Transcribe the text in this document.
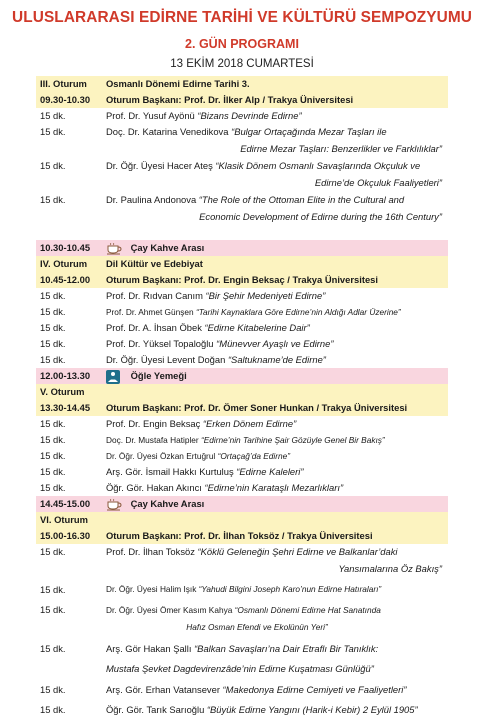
ULUSLARARASI EDİRNE TARİHİ VE KÜLTÜRÜ SEMPOZYUMU
2. GÜN PROGRAMI
13 EKİM 2018 CUMARTESİ
III. Oturum	Osmanlı Dönemi Edirne Tarihi 3.
09.30-10.30	Oturum Başkanı: Prof. Dr. İlker Alp / Trakya Üniversitesi
15 dk.	Prof. Dr. Yusuf Ayönü “Bizans Devrinde Edirne”
15 dk.	Doç. Dr. Katarina Venedikova “Bulgar Ortaçağında Mezar Taşları ile
Edirne Mezar Taşları: Benzerlikler ve Farklılıklar”
15 dk.	Dr. Öğr. Üyesi Hacer Ateş “Klasik Dönem Osmanlı Savaşlarında Okçuluk ve
Edirne’de Okçuluk Faaliyetleri”
15 dk.	Dr. Paulina Andonova “The Role of the Ottoman Elite in the Cultural and
Economic Development of Edirne during the 16th Century”
10.30-10.45	Çay Kahve Arası
IV. Oturum	Dil Kültür ve Edebiyat
10.45-12.00	Oturum Başkanı: Prof. Dr. Engin Beksaç / Trakya Üniversitesi
15 dk.	Prof. Dr. Rıdvan Canım “Bir Şehir Medeniyeti Edirne”
15 dk.	Prof. Dr. Ahmet Günşen “Tarihi Kaynaklara Göre Edirne’nin Aldığı Adlar Üzerine”
15 dk.	Prof. Dr. A. İhsan Öbek “Edirne Kitabelerine Dair”
15 dk.	Prof. Dr. Yüksel Topaloğlu “Münevver Ayaşlı ve Edirne”
15 dk.	Dr. Öğr. Üyesi Levent Doğan “Saltukname’de Edirne”
12.00-13.30	Öğle Yemeği
V. Oturum
13.30-14.45	Oturum Başkanı: Prof. Dr. Ömer Soner Hunkan / Trakya Üniversitesi
15 dk.	Prof. Dr. Engin Beksaç “Erken Dönem Edirne”
15 dk.	Doç. Dr. Mustafa Hatipler “Edirne’nin Tarihine Şair Gözüyle Genel Bir Bakış”
15 dk.	Dr. Öğr. Üyesi Özkan Ertuğrul “Ortaçağ’da Edirne”
15 dk.	Arş. Gör. İsmail Hakkı Kurtuluş “Edirne Kaleleri”
15 dk.	Öğr. Gör. Hakan Akıncı “Edirne’nin Karataşlı Mezarlıkları”
14.45-15.00	Çay Kahve Arası
VI. Oturum
15.00-16.30	Oturum Başkanı: Prof. Dr. İlhan Toksöz / Trakya Üniversitesi
15 dk.	Prof. Dr. İlhan Toksöz “Köklü Geleneğin Şehri Edirne ve Balkanlar’daki
Yansımalarına Öz Bakış”
15 dk.	Dr. Öğr. Üyesi Halim Işık “Yahudi Bilgini Joseph Karo’nun Edirne Hatıraları”
15 dk.	Dr. Öğr. Üyesi Ömer Kasım Kahya “Osmanlı Dönemi Edirne Hat Sanatında
Hafız Osman Efendi ve Ekolünün Yeri”
15 dk.	Arş. Gör Hakan Şallı “Balkan Savaşları’na Dair Etraflı Bir Tanıklık:
Mustafa Şevket Dagdevirenzâde’nin Edirne Kuşatması Günlüğü”
15 dk.	Arş. Gör. Erhan Vatansever “Makedonya Edirne Cemiyeti ve Faaliyetleri”
15 dk.	Öğr. Gör. Tarık Sarıoğlu “Büyük Edirne Yangını (Harik-i Kebir) 2 Eylül 1905”
